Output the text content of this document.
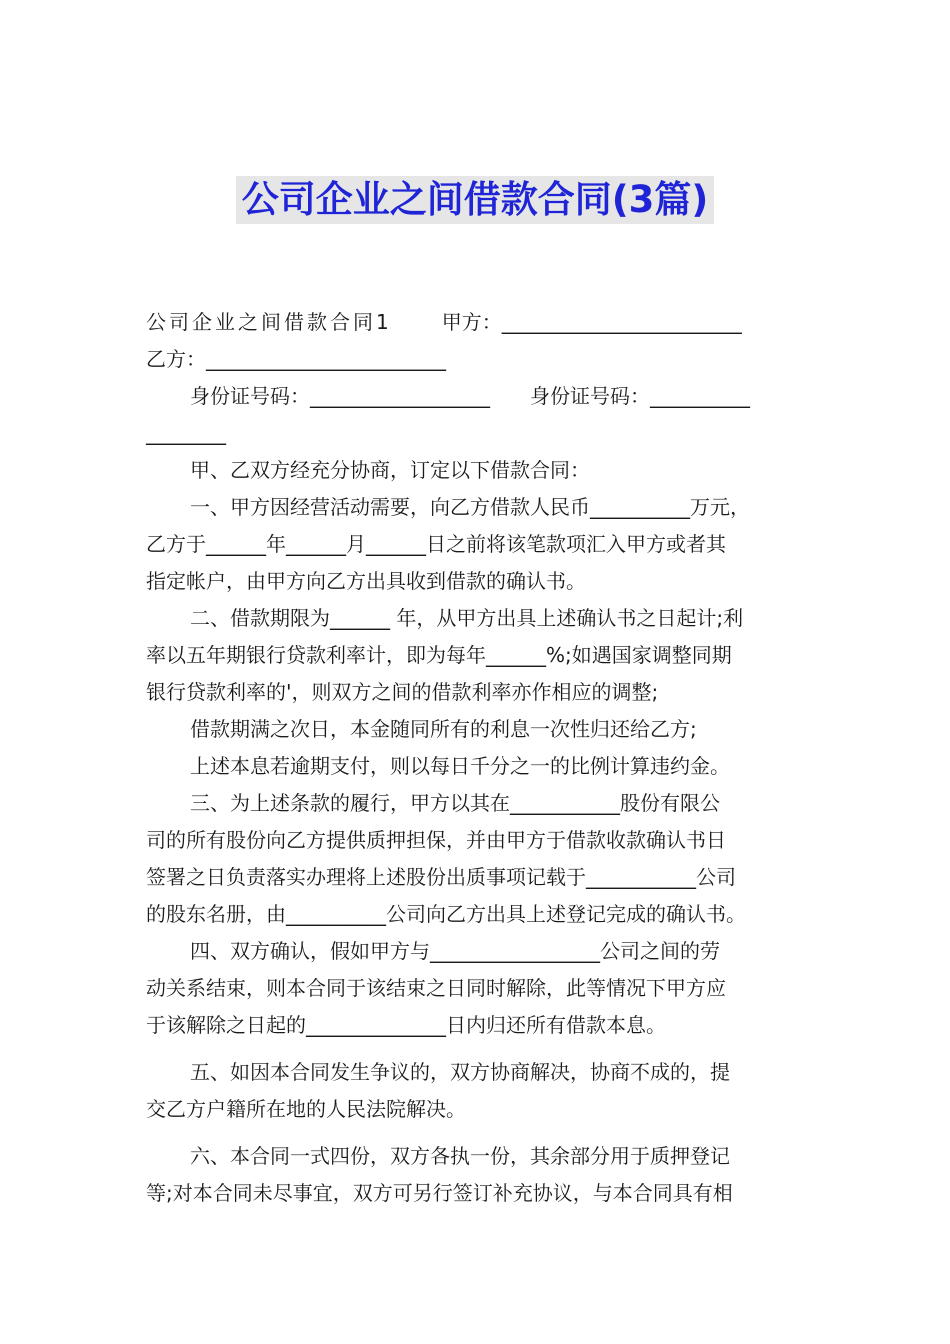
公司企业之间借款合同(3篇)
公司企业之间借款合同1	甲方：________________________
乙方：________________________
身份证号码：__________________ 身份证号码：__________
________
甲、乙双方经充分协商，订定以下借款合同：
一、甲方因经营活动需要，向乙方借款人民币__________万元，
乙方于______年______月______日之前将该笔款项汇入甲方或者其
指定帐户，由甲方向乙方出具收到借款的确认书。
二、借款期限为______ 年，从甲方出具上述确认书之日起计;利
率以五年期银行贷款利率计，即为每年______%;如遇国家调整同期
银行贷款利率的'，则双方之间的借款利率亦作相应的调整;
借款期满之次日，本金随同所有的利息一次性归还给乙方;
上述本息若逾期支付，则以每日千分之一的比例计算违约金。
三、为上述条款的履行，甲方以其在___________股份有限公
司的所有股份向乙方提供质押担保，并由甲方于借款收款确认书日
签署之日负责落实办理将上述股份出质事项记载于___________公司
的股东名册，由__________公司向乙方出具上述登记完成的确认书。
四、双方确认，假如甲方与_________________公司之间的劳
动关系结束，则本合同于该结束之日同时解除，此等情况下甲方应
于该解除之日起的______________日内归还所有借款本息。
五、如因本合同发生争议的，双方协商解决，协商不成的，提
交乙方户籍所在地的人民法院解决。
六、本合同一式四份，双方各执一份，其余部分用于质押登记
等;对本合同未尽事宜，双方可另行签订补充协议，与本合同具有相
